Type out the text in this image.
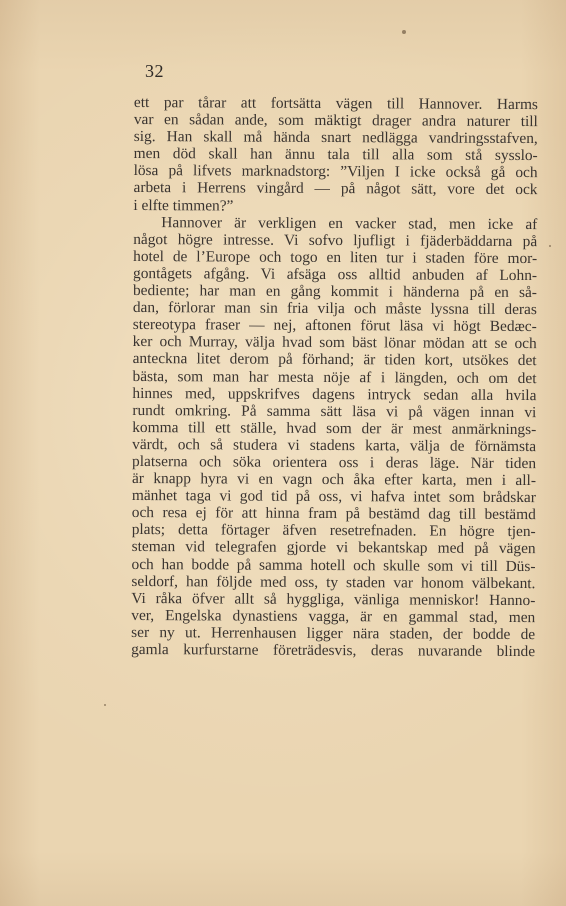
32
ett par tårar att fortsätta vägen till Hannover. Harms
var en sådan ande, som mäktigt drager andra naturer till
sig. Han skall må hända snart nedlägga vandringsstafven,
men död skall han ännu tala till alla som stå sysslo-
lösa på lifvets marknadstorg: ”Viljen I icke också gå och
arbeta i Herrens vingård — på något sätt, vore det ock
i elfte timmen?”
Hannover är verkligen en vacker stad, men icke af
något högre intresse. Vi sofvo ljufligt i fjäderbäddarna på
hotel de l’Europe och togo en liten tur i staden före mor-
gontågets afgång. Vi afsäga oss alltid anbuden af Lohn-
bediente; har man en gång kommit i händerna på en så-
dan, förlorar man sin fria vilja och måste lyssna till deras
stereotypa fraser — nej, aftonen förut läsa vi högt Bedæc-
ker och Murray, välja hvad som bäst lönar mödan att se och
anteckna litet derom på förhand; är tiden kort, utsökes det
bästa, som man har mesta nöje af i längden, och om det
hinnes med, uppskrifves dagens intryck sedan alla hvila
rundt omkring. På samma sätt läsa vi på vägen innan vi
komma till ett ställe, hvad som der är mest anmärknings-
värdt, och så studera vi stadens karta, välja de förnämsta
platserna och söka orientera oss i deras läge. När tiden
är knapp hyra vi en vagn och åka efter karta, men i all-
mänhet taga vi god tid på oss, vi hafva intet som brådskar
och resa ej för att hinna fram på bestämd dag till bestämd
plats; detta förtager äfven resetrefnaden. En högre tjen-
steman vid telegrafen gjorde vi bekantskap med på vägen
och han bodde på samma hotell och skulle som vi till Düs-
seldorf, han följde med oss, ty staden var honom välbekant.
Vi råka öfver allt så hyggliga, vänliga menniskor! Hanno-
ver, Engelska dynastiens vagga, är en gammal stad, men
ser ny ut. Herrenhausen ligger nära staden, der bodde de
gamla kurfurstarne företrädesvis, deras nuvarande blinde
